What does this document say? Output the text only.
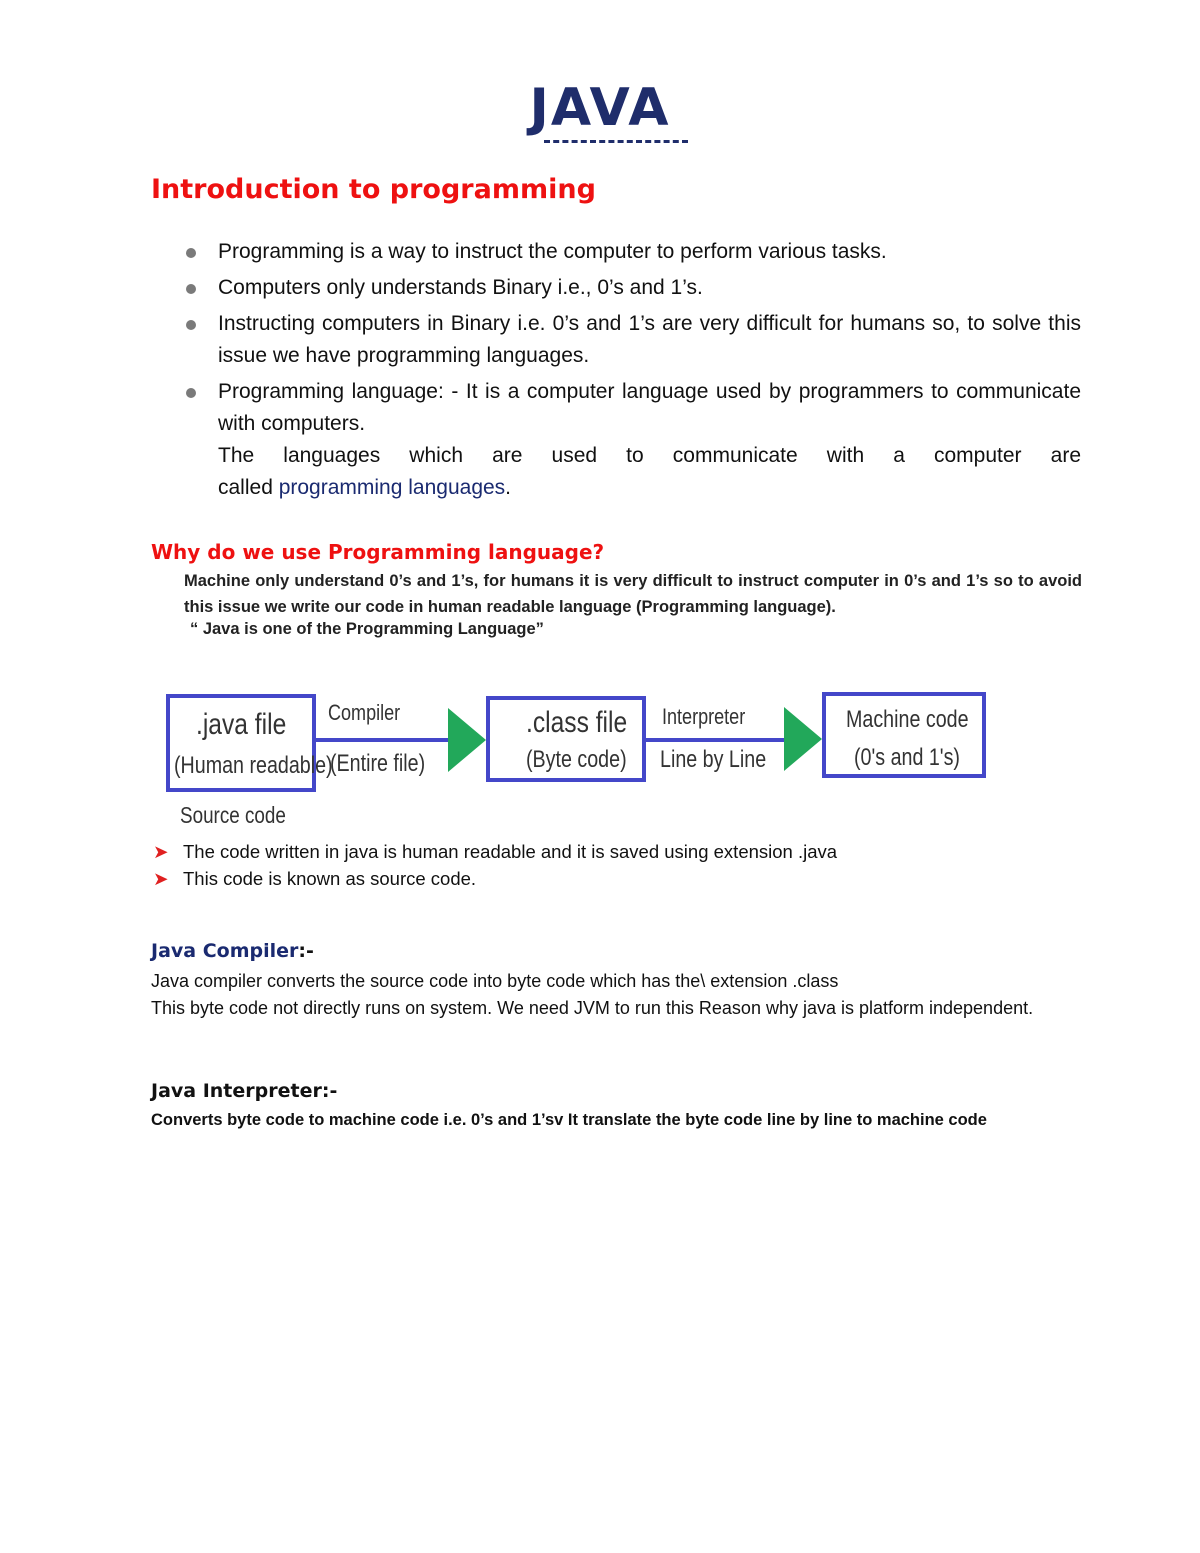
JAVA
Introduction to programming
Programming is a way to instruct the computer to perform various tasks.
Computers only understands Binary i.e., 0’s and 1’s.
Instructing computers in Binary i.e. 0’s and 1’s are very difficult for humans so, to solve this issue we have programming languages.
Programming language: - It is a computer language used by programmers to communicate with computers.
The languages which are used to communicate with a computer are
called programming languages.
Why do we use Programming language?
Machine only understand 0’s and 1’s, for humans it is very difficult to instruct computer in 0’s and 1’s so to avoid this issue we write our code in human readable language (Programming language).
“ Java is one of the Programming Language”
.java file
(Human readable)
Source code
Compiler
(Entire file)
.class file
(Byte code)
Interpreter
Line by Line
Machine code
(0's and 1's)
➤ The code written in java is human readable and it is saved using extension .java
➤ This code is known as source code.
Java Compiler:-
Java compiler converts the source code into byte code which has the\ extension .class
This byte code not directly runs on system. We need JVM to run this Reason why java is platform independent.
Java Interpreter:-
Converts byte code to machine code i.e. 0’s and 1’sv It translate the byte code line by line to machine code
